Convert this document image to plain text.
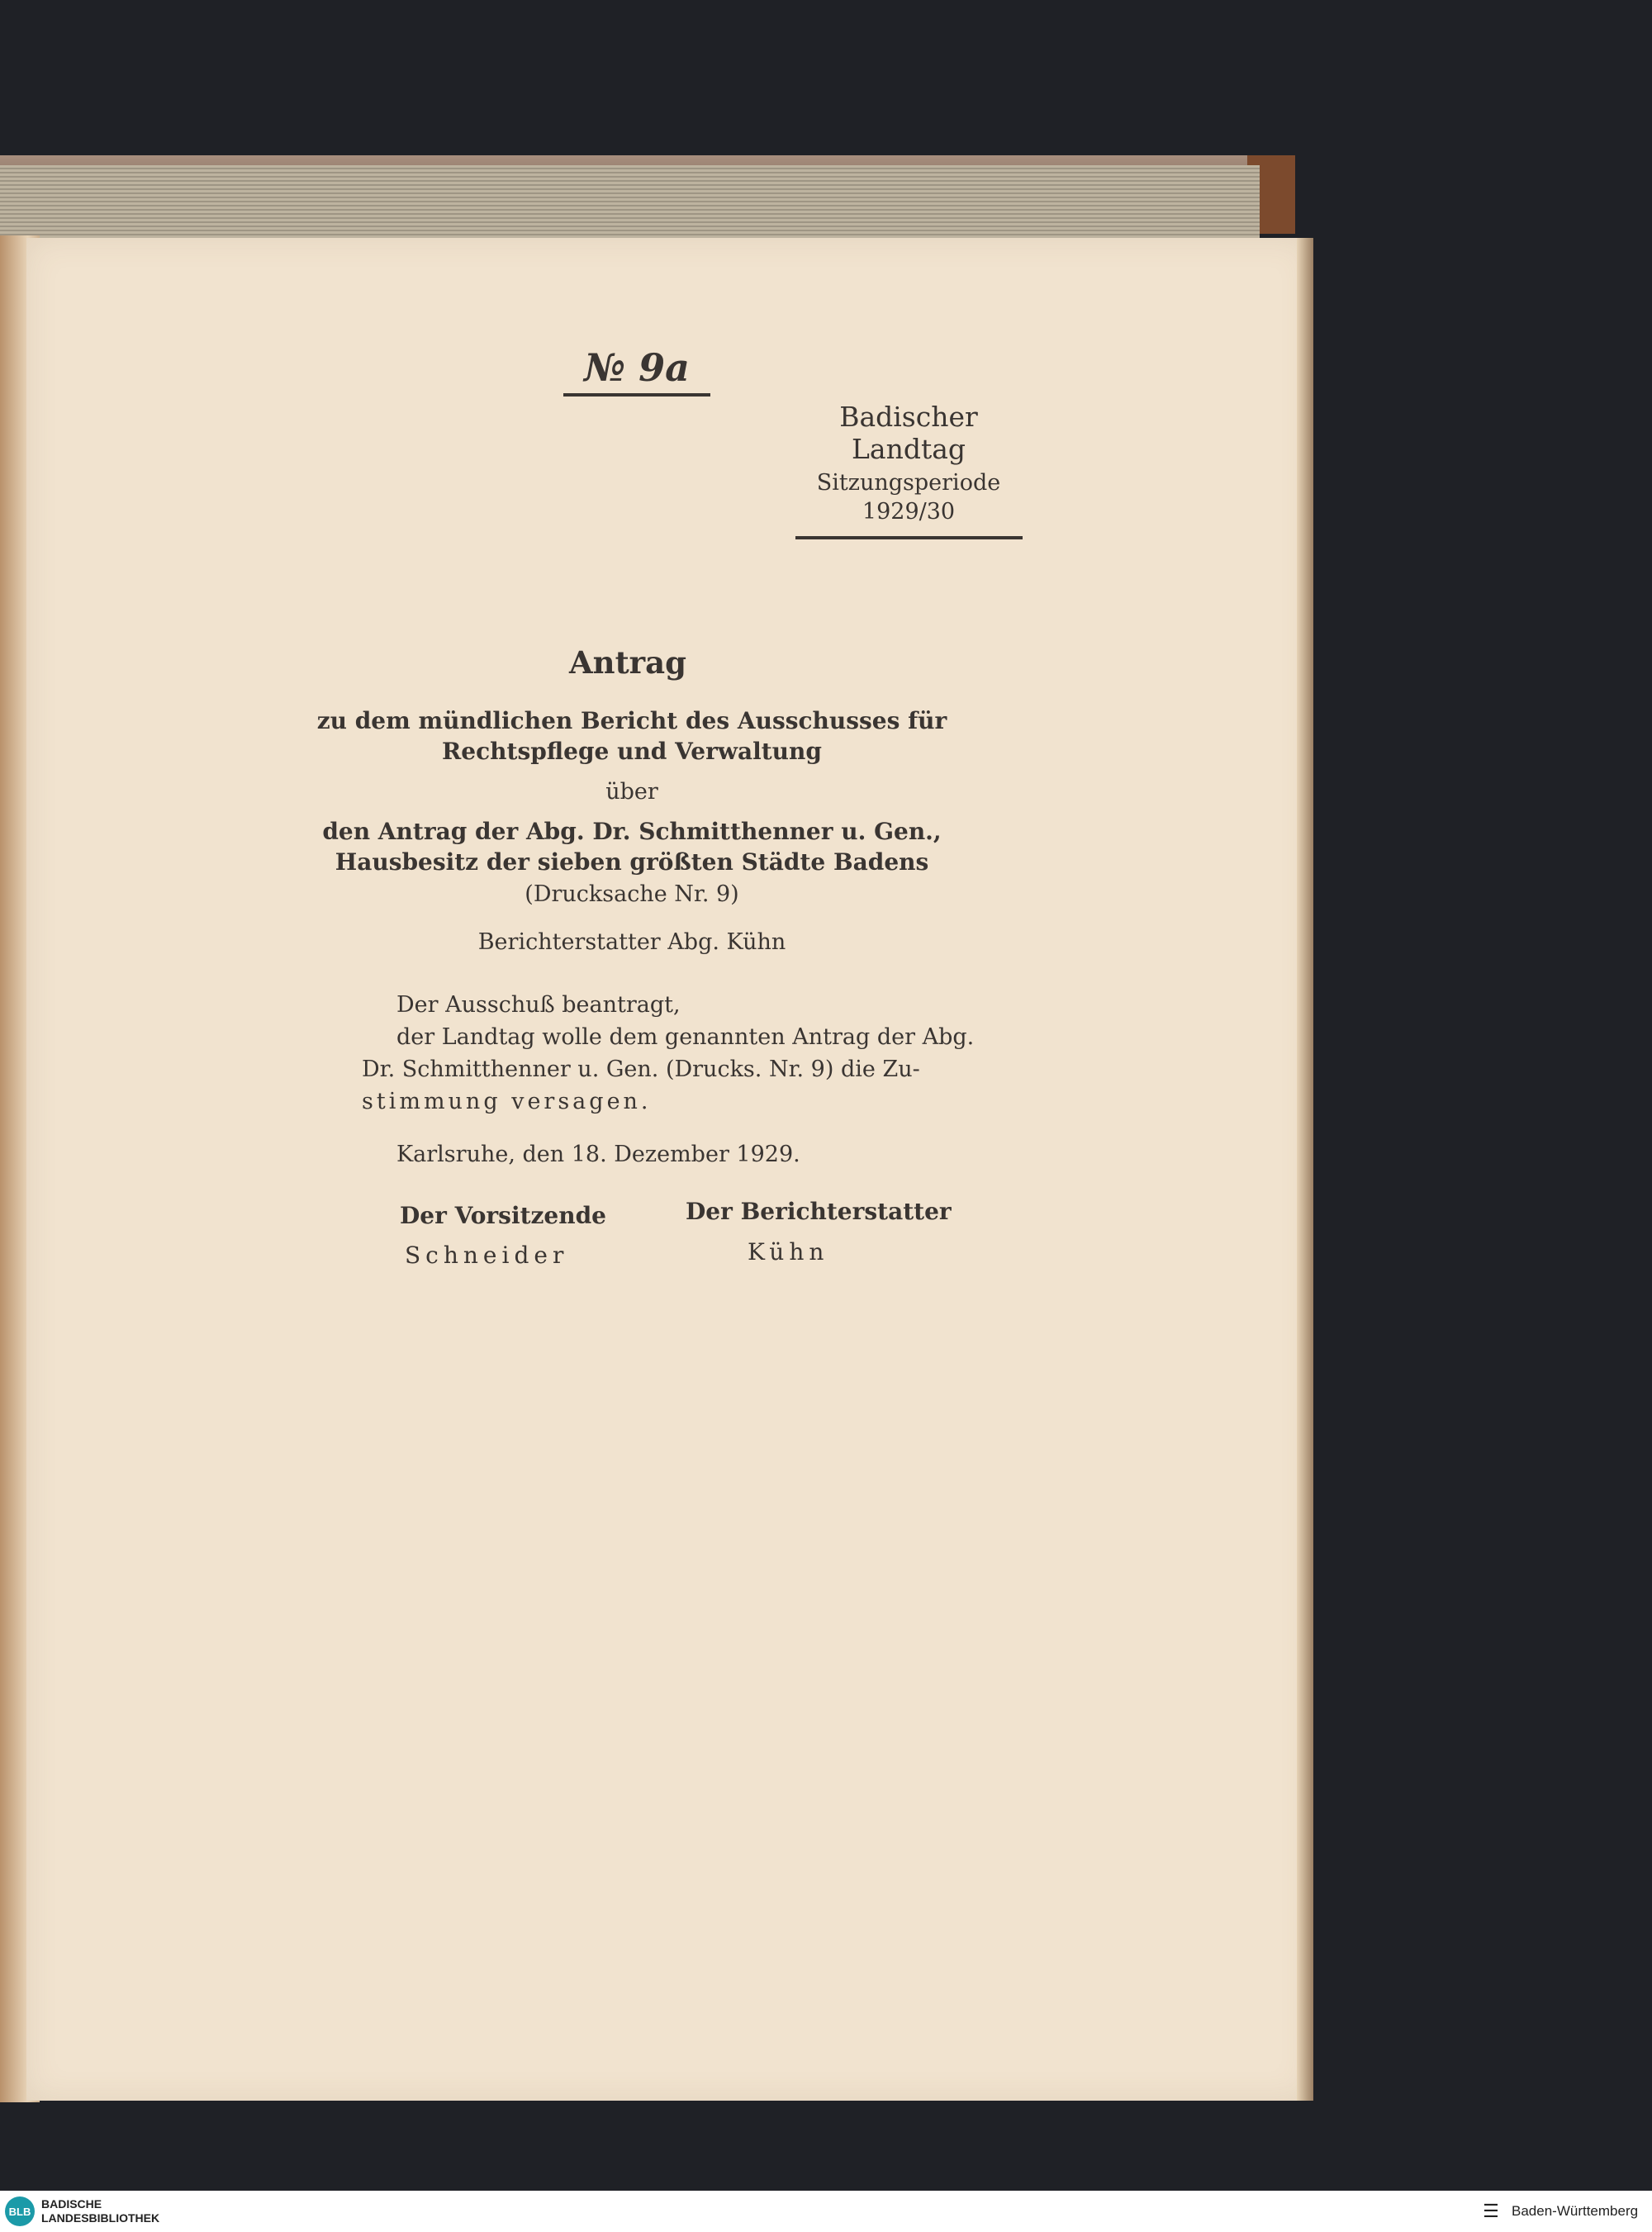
№ 9a
Badischer Landtag
Sitzungsperiode
1929/30
Antrag
zu dem mündlichen Bericht des Ausschusses für
Rechtspflege und Verwaltung
über
den Antrag der Abg. Dr. Schmitthenner u. Gen.,
Hausbesitz der sieben größten Städte Badens
(Drucksache Nr. 9)
Berichterstatter Abg. Kühn
Der Ausschuß beantragt,
der Landtag wolle dem genannten Antrag der Abg.
Dr. Schmitthenner u. Gen. (Drucks. Nr. 9) die Zu-
stimmung versagen.
Karlsruhe, den 18. Dezember 1929.
Der Vorsitzende	Der Berichterstatter
Schneider	Kühn
BLB
BADISCHE
LANDESBIBLIOTHEK	☰ Baden-Württemberg
